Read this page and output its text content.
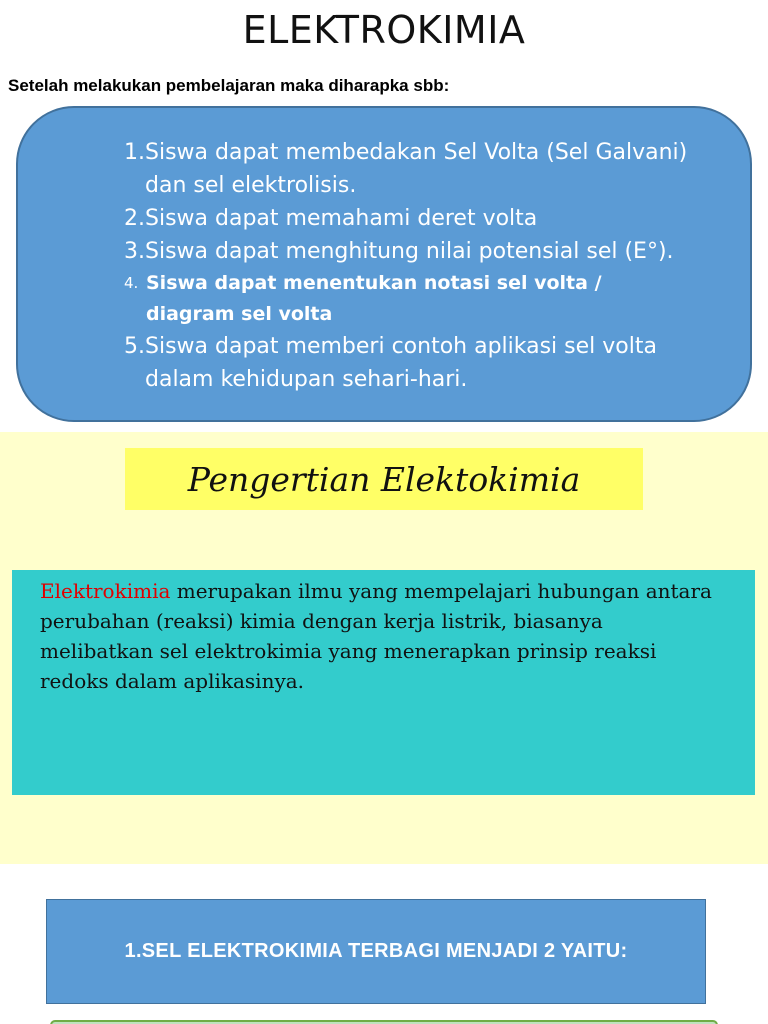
ELEKTROKIMIA
Setelah melakukan pembelajaran maka diharapka sbb:
1. Siswa dapat membedakan Sel Volta (Sel Galvani)
dan sel elektrolisis.
2. Siswa dapat memahami deret volta
3. Siswa dapat menghitung nilai potensial sel (E°).
4. Siswa dapat menentukan notasi sel volta /
diagram sel volta
5. Siswa dapat memberi contoh aplikasi sel volta
dalam kehidupan sehari-hari.
Pengertian Elektokimia
Elektrokimia merupakan ilmu yang mempelajari hubungan antara perubahan (reaksi) kimia dengan kerja listrik, biasanya melibatkan sel elektrokimia yang menerapkan prinsip reaksi redoks dalam aplikasinya.
1.SEL ELEKTROKIMIA TERBAGI MENJADI 2 YAITU:
